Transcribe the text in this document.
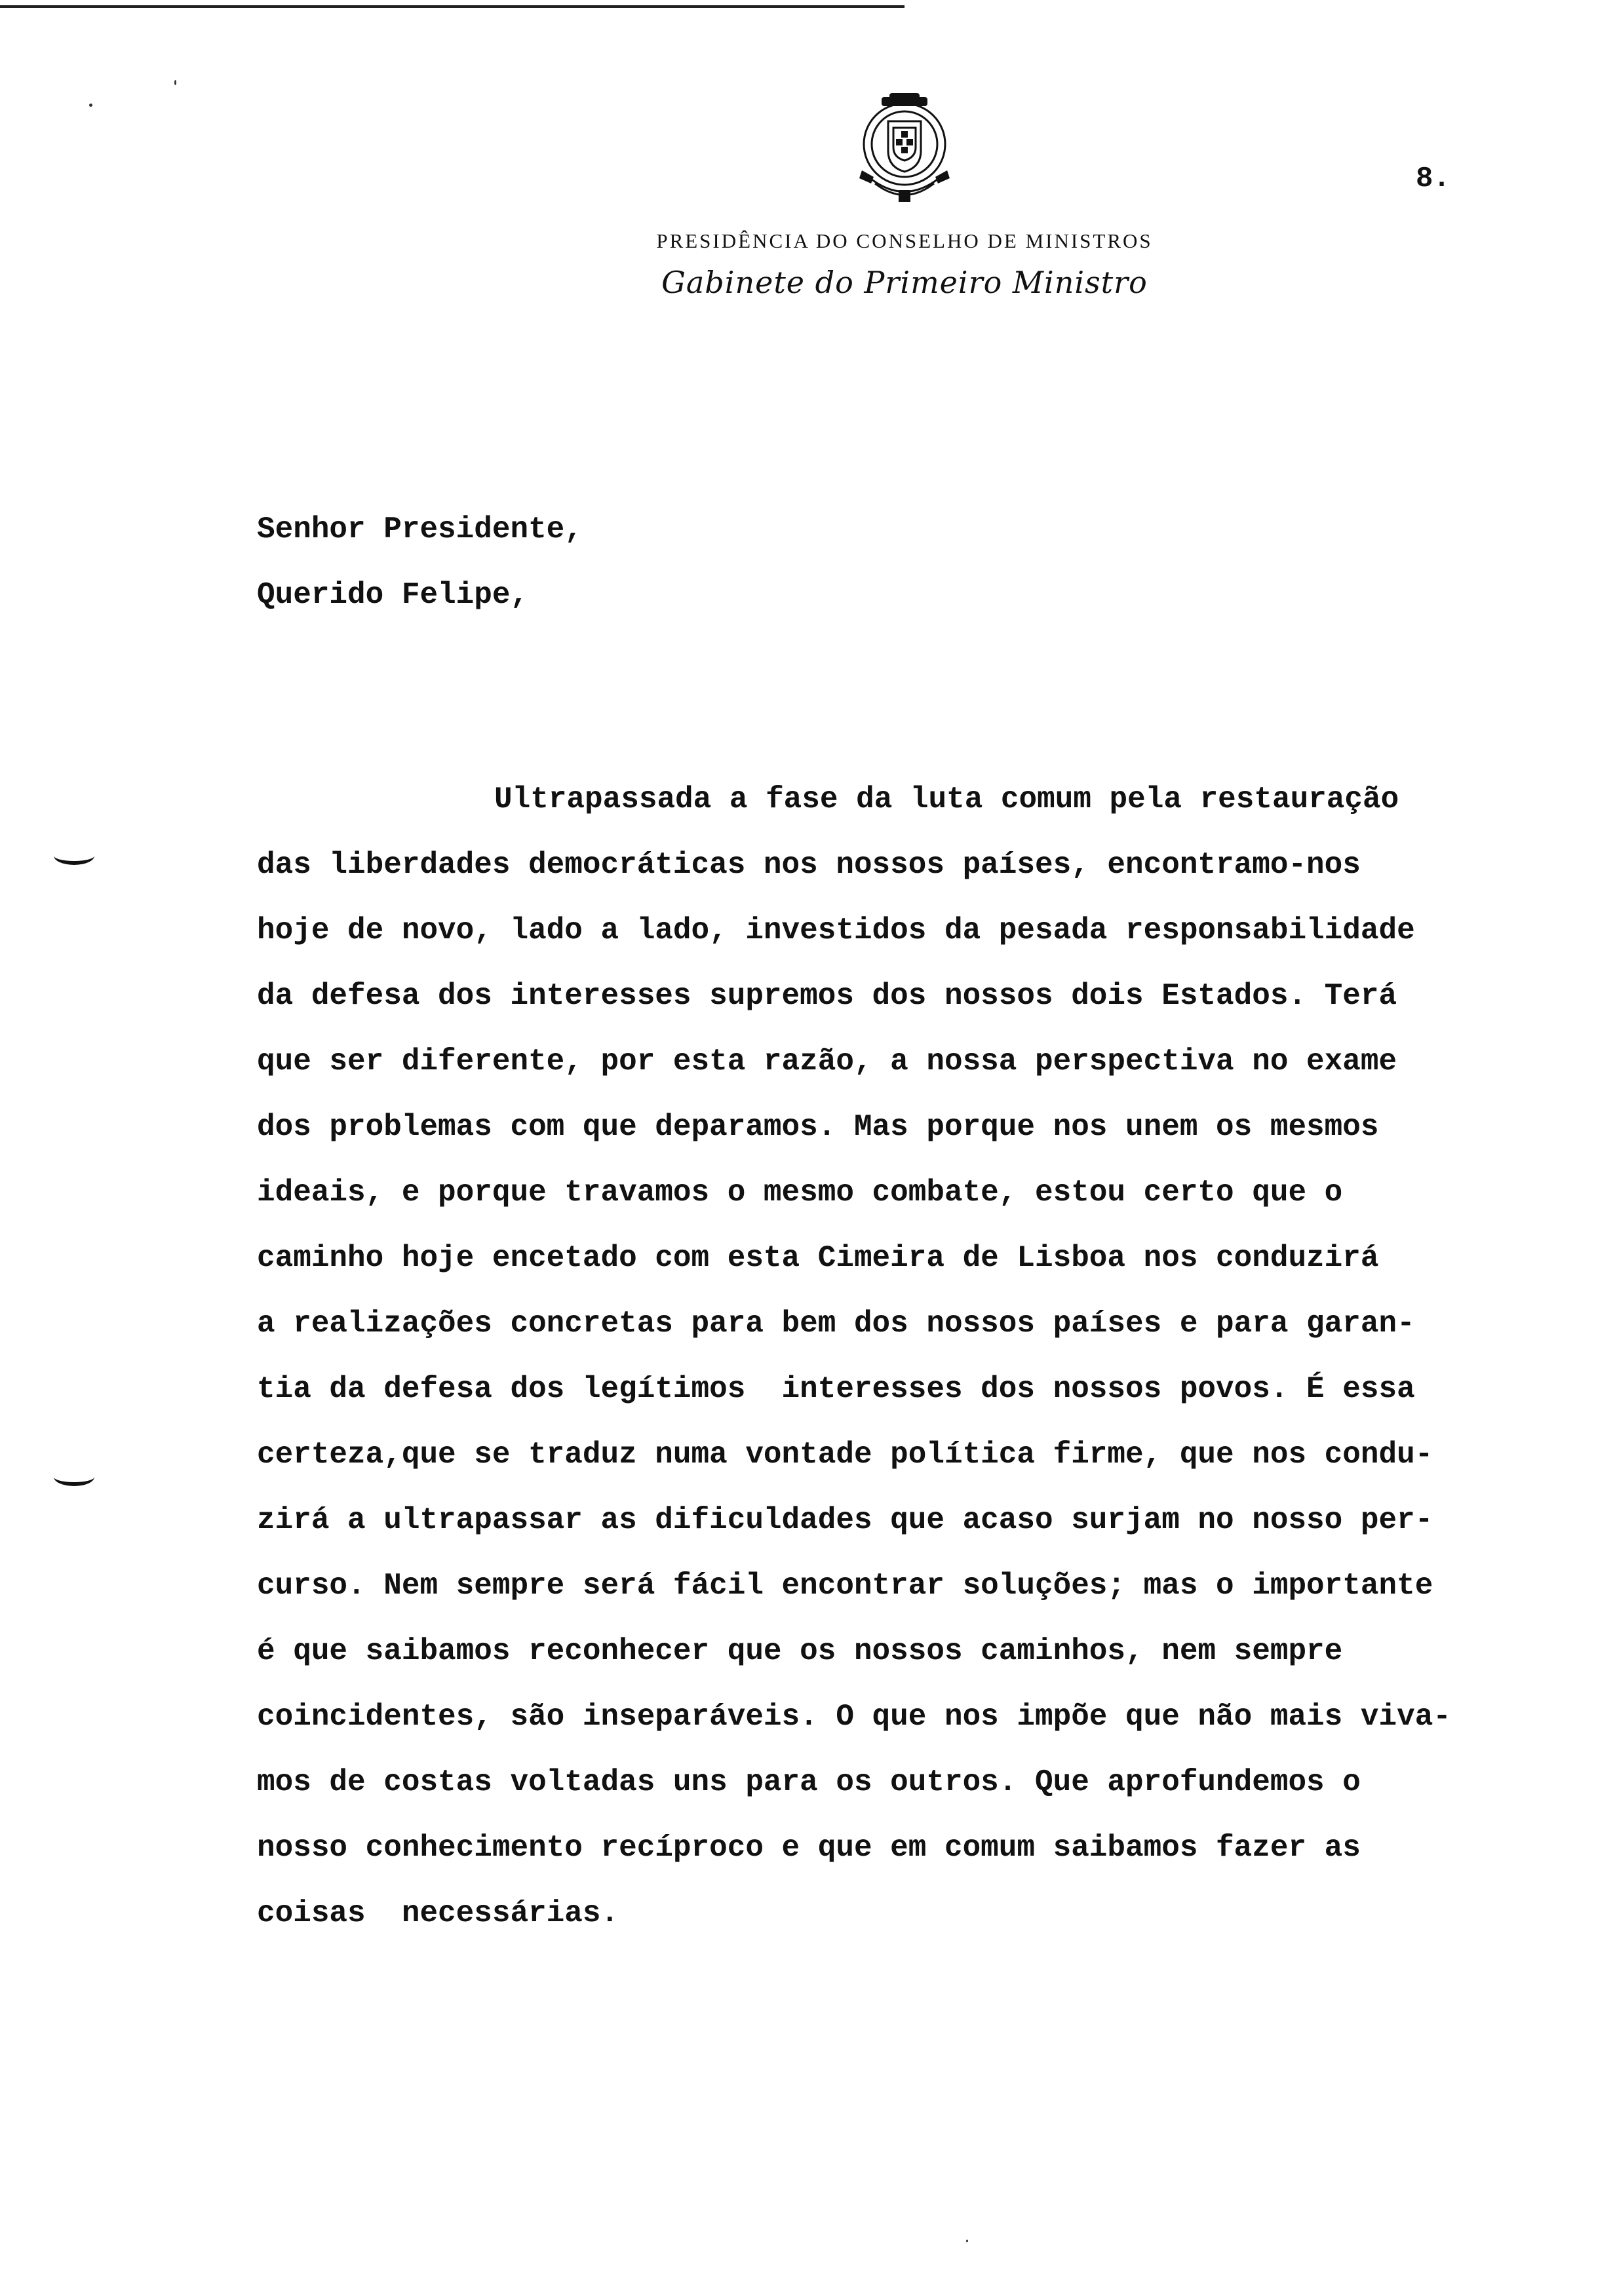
PRESIDÊNCIA DO CONSELHO DE MINISTROS
Gabinete do Primeiro Ministro
8.
Senhor Presidente,
Querido Felipe,
Ultrapassada a fase da luta comum pela restauração
das liberdades democráticas nos nossos países, encontramo-nos
hoje de novo, lado a lado, investidos da pesada responsabilidade
da defesa dos interesses supremos dos nossos dois Estados. Terá
que ser diferente, por esta razão, a nossa perspectiva no exame
dos problemas com que deparamos. Mas porque nos unem os mesmos
ideais, e porque travamos o mesmo combate, estou certo que o
caminho hoje encetado com esta Cimeira de Lisboa nos conduzirá
a realizações concretas para bem dos nossos países e para garan-
tia da defesa dos legítimos  interesses dos nossos povos. É essa
certeza,que se traduz numa vontade política firme, que nos condu-
zirá a ultrapassar as dificuldades que acaso surjam no nosso per-
curso. Nem sempre será fácil encontrar soluções; mas o importante
é que saibamos reconhecer que os nossos caminhos, nem sempre
coincidentes, são inseparáveis. O que nos impõe que não mais viva-
mos de costas voltadas uns para os outros. Que aprofundemos o
nosso conhecimento recíproco e que em comum saibamos fazer as
coisas  necessárias.
